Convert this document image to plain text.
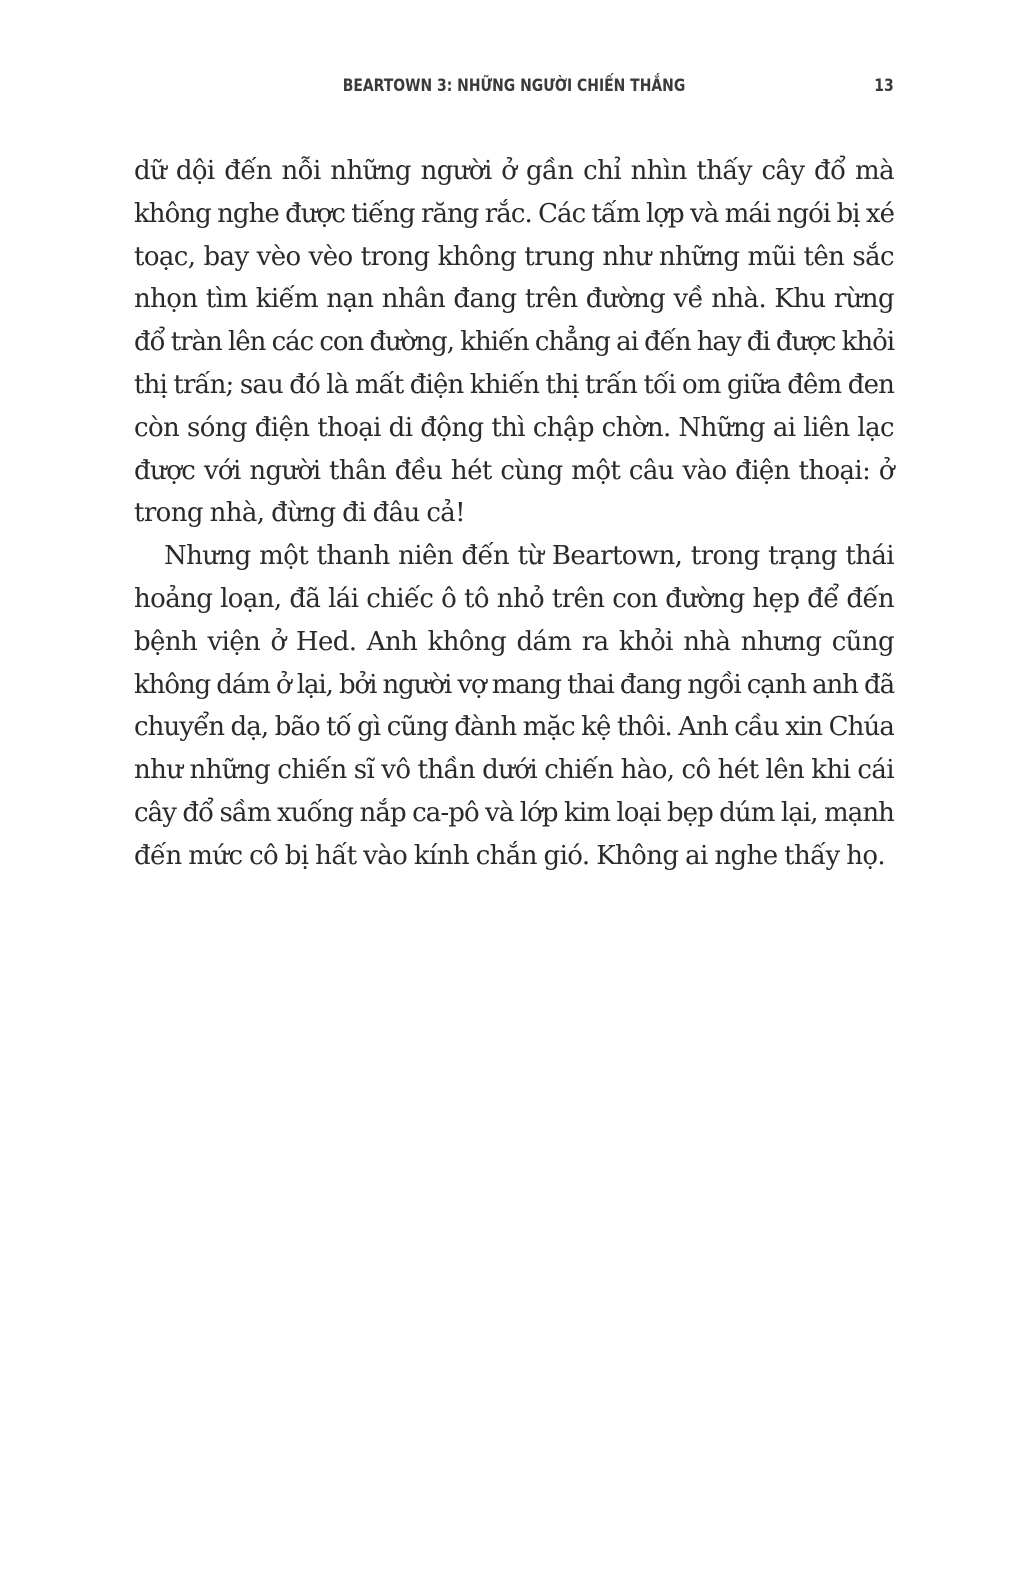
BEARTOWN 3: NHỮNG NGƯỜI CHIẾN THẮNG	13
dữ dội đến nỗi những người ở gần chỉ nhìn thấy cây đổ mà
không nghe được tiếng răng rắc. Các tấm lợp và mái ngói bị xé
toạc, bay vèo vèo trong không trung như những mũi tên sắc
nhọn tìm kiếm nạn nhân đang trên đường về nhà. Khu rừng
đổ tràn lên các con đường, khiến chẳng ai đến hay đi được khỏi
thị trấn; sau đó là mất điện khiến thị trấn tối om giữa đêm đen
còn sóng điện thoại di động thì chập chờn. Những ai liên lạc
được với người thân đều hét cùng một câu vào điện thoại: ở
trong nhà, đừng đi đâu cả!
Nhưng một thanh niên đến từ Beartown, trong trạng thái
hoảng loạn, đã lái chiếc ô tô nhỏ trên con đường hẹp để đến
bệnh viện ở Hed. Anh không dám ra khỏi nhà nhưng cũng
không dám ở lại, bởi người vợ mang thai đang ngồi cạnh anh đã
chuyển dạ, bão tố gì cũng đành mặc kệ thôi. Anh cầu xin Chúa
như những chiến sĩ vô thần dưới chiến hào, cô hét lên khi cái
cây đổ sầm xuống nắp ca-pô và lớp kim loại bẹp dúm lại, mạnh
đến mức cô bị hất vào kính chắn gió. Không ai nghe thấy họ.
